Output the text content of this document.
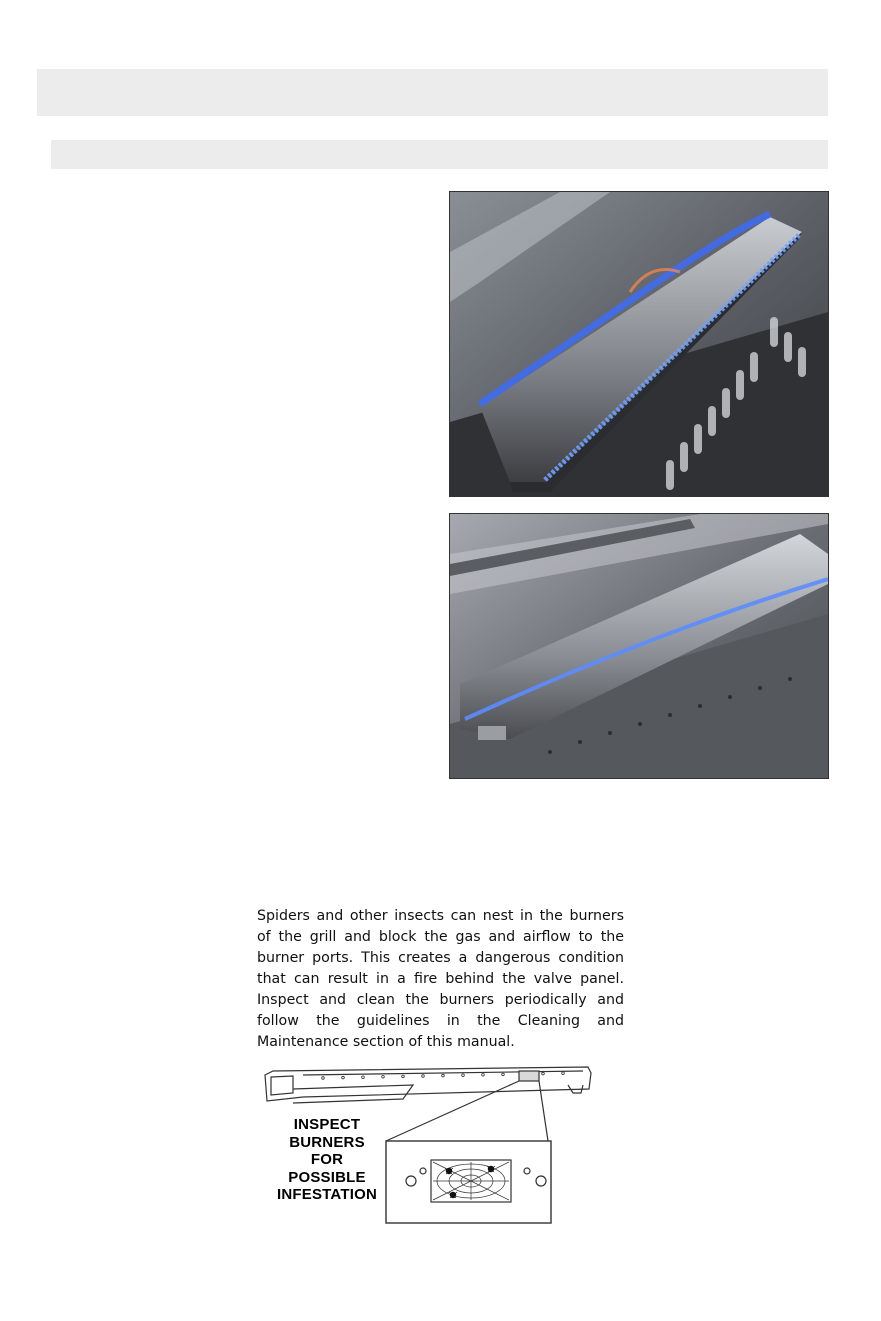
Spiders and other insects can nest in the burners of the grill and block the gas and airflow to the burner ports. This creates a dangerous condition that can result in a fire behind the valve panel. Inspect and clean the burners periodically and follow the guidelines in the Cleaning and Maintenance section of this manual.
INSPECT
BURNERS
FOR
POSSIBLE
INFESTATION
